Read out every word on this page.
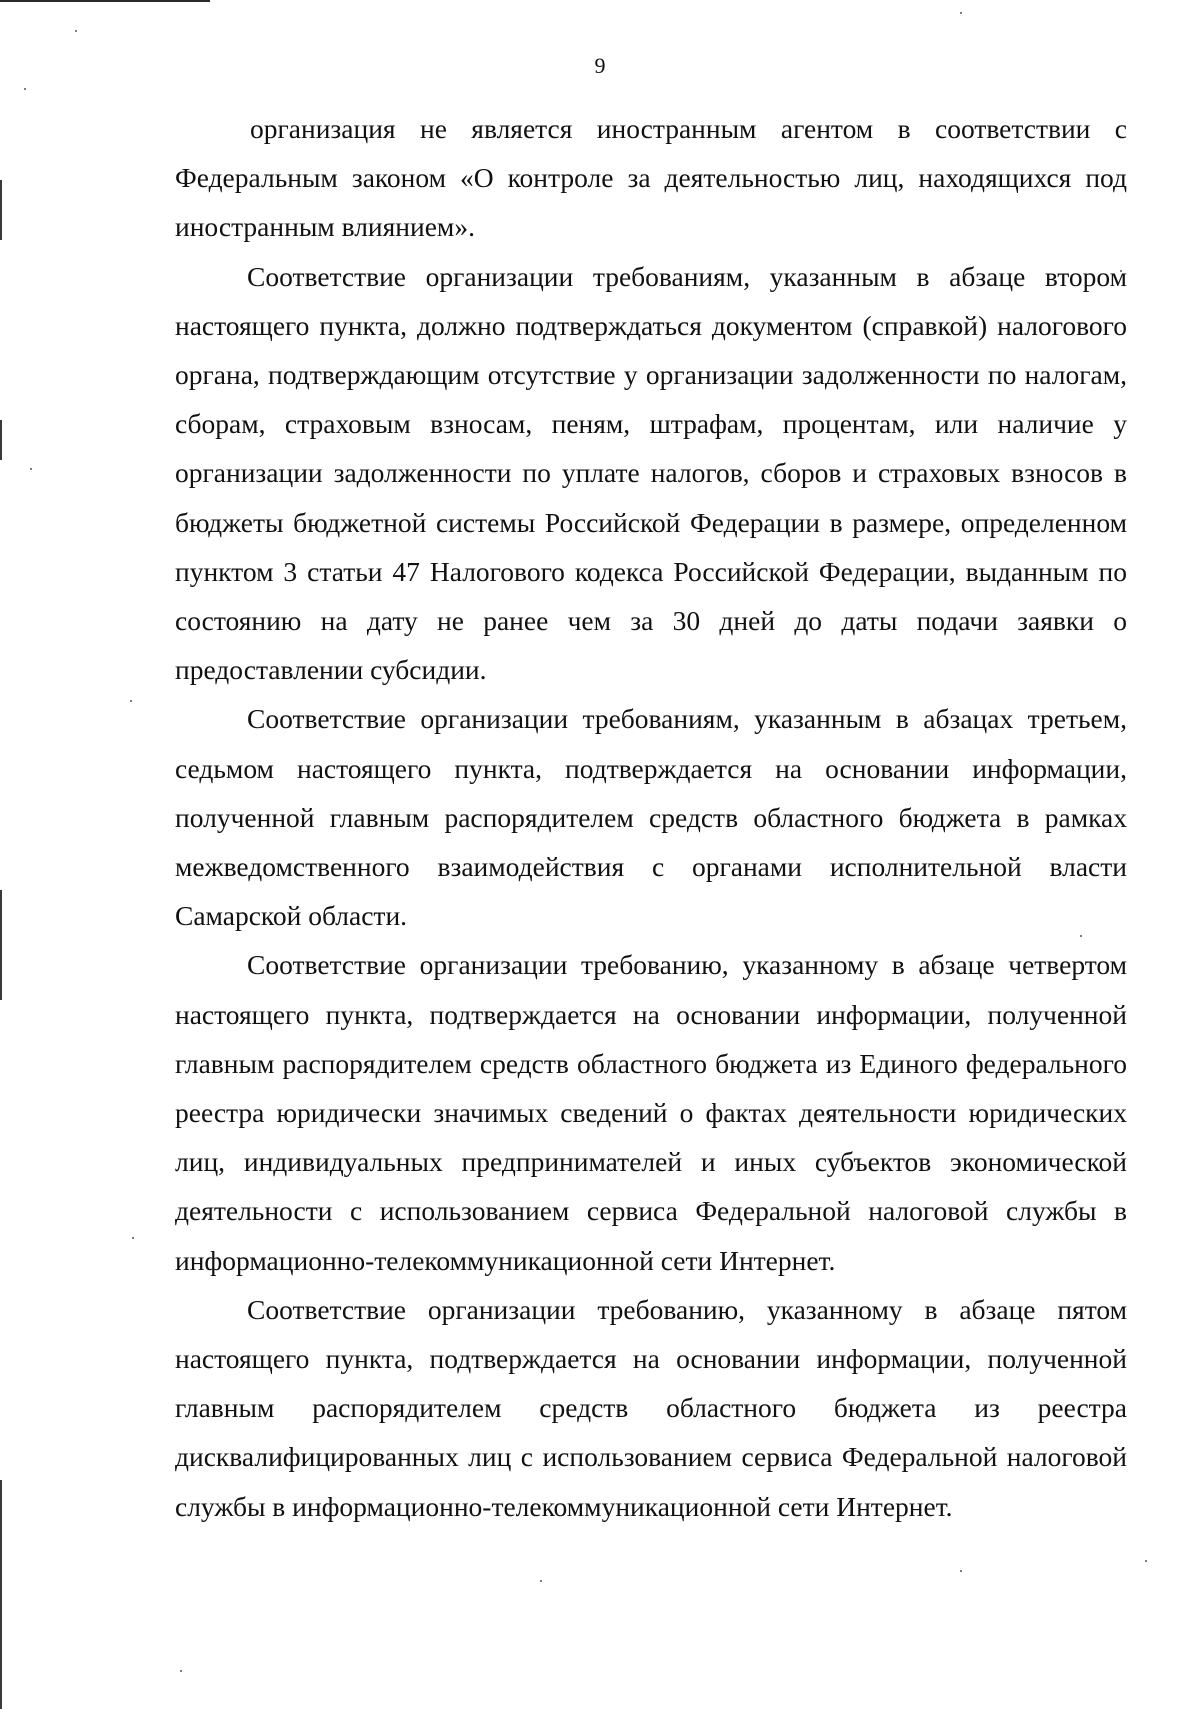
9

организация не является иностранным агентом в соответствии с Федеральным законом «О контроле за деятельностью лиц, находящихся под иностранным влиянием».

Соответствие организации требованиям, указанным в абзаце втором настоящего пункта, должно подтверждаться документом (справкой) налогового органа, подтверждающим отсутствие у организации задолженности по налогам, сборам, страховым взносам, пеням, штрафам, процентам, или наличие у организации задолженности по уплате налогов, сборов и страховых взносов в бюджеты бюджетной системы Российской Федерации в размере, определенном пунктом 3 статьи 47 Налогового кодекса Российской Федерации, выданным по состоянию на дату не ранее чем за 30 дней до даты подачи заявки о предоставлении субсидии.

Соответствие организации требованиям, указанным в абзацах третьем, седьмом настоящего пункта, подтверждается на основании информации, полученной главным распорядителем средств областного бюджета в рамках межведомственного взаимодействия с органами исполнительной власти Самарской области.

Соответствие организации требованию, указанному в абзаце четвертом настоящего пункта, подтверждается на основании информации, полученной главным распорядителем средств областного бюджета из Единого федерального реестра юридически значимых сведений о фактах деятельности юридических лиц, индивидуальных предпринимателей и иных субъектов экономической деятельности с использованием сервиса Федеральной налоговой службы в информационно-телекоммуникационной сети Интернет.

Соответствие организации требованию, указанному в абзаце пятом настоящего пункта, подтверждается на основании информации, полученной главным распорядителем средств областного бюджета из реестра дисквалифицированных лиц с использованием сервиса Федеральной налоговой службы в информационно-телекоммуникационной сети Интернет.
